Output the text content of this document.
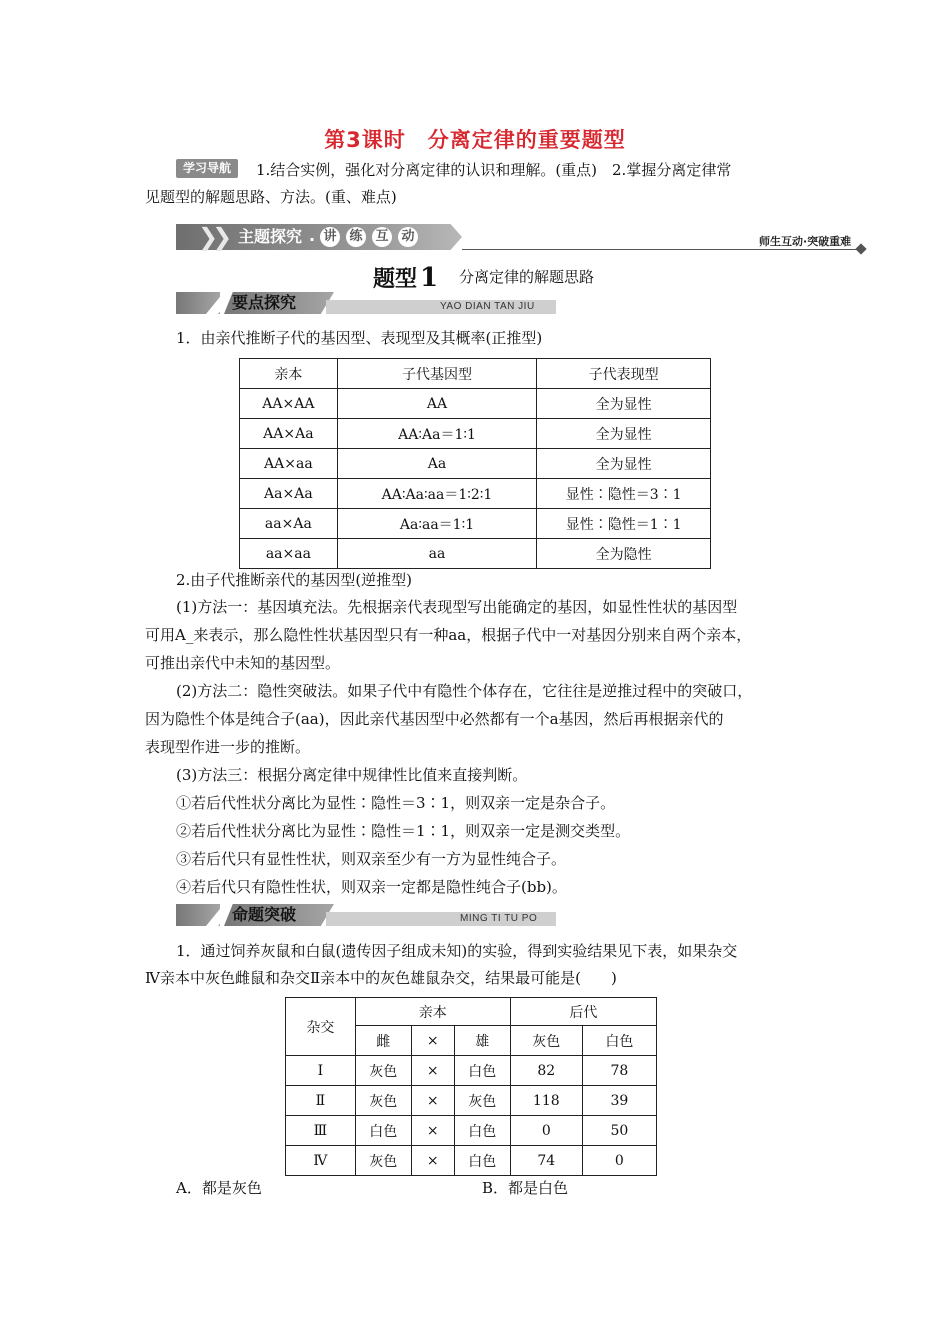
第3课时　分离定律的重要题型
学习导航	1.结合实例，强化对分离定律的认识和理解。(重点)　2.掌握分离定律常
见题型的解题思路、方法。(重、难点)
❯❯ 主题探究 · 讲 练 互 动	师生互动·突破重难
题型 1 分离定律的解题思路
要点探究	YAO DIAN TAN JIU
1．由亲代推断子代的基因型、表现型及其概率(正推型)
亲本	子代基因型	子代表现型
AA×AA	AA	全为显性
AA×Aa	AA∶Aa＝1∶1	全为显性
AA×aa	Aa	全为显性
Aa×Aa	AA∶Aa∶aa＝1∶2∶1	显性∶隐性＝3∶1
aa×Aa	Aa∶aa＝1∶1	显性∶隐性＝1∶1
aa×aa	aa	全为隐性
2.由子代推断亲代的基因型(逆推型)
(1)方法一：基因填充法。先根据亲代表现型写出能确定的基因，如显性性状的基因型
可用A_来表示，那么隐性性状基因型只有一种aa，根据子代中一对基因分别来自两个亲本，
可推出亲代中未知的基因型。
(2)方法二：隐性突破法。如果子代中有隐性个体存在，它往往是逆推过程中的突破口，
因为隐性个体是纯合子(aa)，因此亲代基因型中必然都有一个a基因，然后再根据亲代的
表现型作进一步的推断。
(3)方法三：根据分离定律中规律性比值来直接判断。
①若后代性状分离比为显性∶隐性＝3∶1，则双亲一定是杂合子。
②若后代性状分离比为显性∶隐性＝1∶1，则双亲一定是测交类型。
③若后代只有显性性状，则双亲至少有一方为显性纯合子。
④若后代只有隐性性状，则双亲一定都是隐性纯合子(bb)。
命题突破	MING TI TU PO
1．通过饲养灰鼠和白鼠(遗传因子组成未知)的实验，得到实验结果见下表，如果杂交
Ⅳ亲本中灰色雌鼠和杂交Ⅱ亲本中的灰色雄鼠杂交，结果最可能是(　　)
杂交	亲本			后代	
	雌	×	雄	灰色	白色
Ⅰ	灰色	×	白色	82	78
Ⅱ	灰色	×	灰色	118	39
Ⅲ	白色	×	白色	0	50
Ⅳ	灰色	×	白色	74	0
A．都是灰色	B．都是白色
